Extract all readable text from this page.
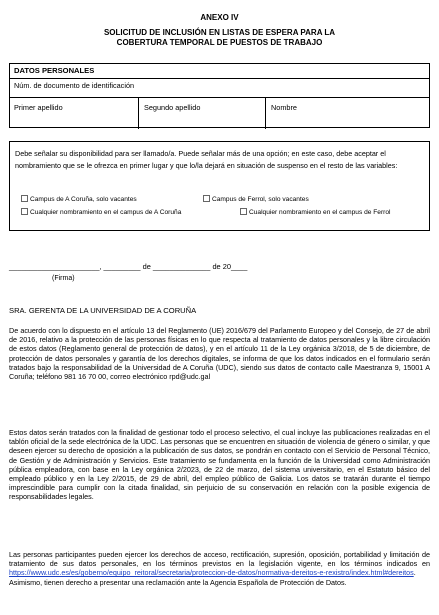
ANEXO IV
SOLICITUD DE INCLUSIÓN EN LISTAS DE ESPERA PARA LA
COBERTURA TEMPORAL DE PUESTOS DE TRABAJO
DATOS PERSONALES
Núm. de documento de identificación
Primer apellido	Segundo apellido	Nombre
Debe señalar su disponibilidad para ser llamado/a. Puede señalar más de una opción; en este caso, debe aceptar el nombramiento que se le ofrezca en primer lugar y que lo/la dejará en situación de suspenso en el resto de las variables:
Campus de A Coruña, solo vacantes	Campus de Ferrol, solo vacantes
Cualquier nombramiento en el campus de A Coruña	Cualquier nombramiento en el campus de Ferrol
______________________, _________ de ______________ de 20____
(Firma)
SRA. GERENTA DE LA UNIVERSIDAD DE A CORUÑA
De acuerdo con lo dispuesto en el artículo 13 del Reglamento (UE) 2016/679 del Parlamento Europeo y del Consejo, de 27 de abril de 2016, relativo a la protección de las personas físicas en lo que respecta al tratamiento de datos personales y la libre circulación de estos datos (Reglamento general de protección de datos), y en el artículo 11 de la Ley orgánica 3/2018, de 5 de diciembre, de protección de datos personales y garantía de los derechos digitales, se informa de que los datos indicados en el formulario serán tratados bajo la responsabilidad de la Universidad de A Coruña (UDC), siendo sus datos de contacto calle Maestranza 9, 15001 A Coruña; teléfono 981 16 70 00, correo electrónico rpd@udc.gal
Estos datos serán tratados con la finalidad de gestionar todo el proceso selectivo, el cual incluye las publicaciones realizadas en el tablón oficial de la sede electrónica de la UDC. Las personas que se encuentren en situación de violencia de género o similar, y que deseen ejercer su derecho de oposición a la publicación de sus datos, se pondrán en contacto con el Servicio de Personal Técnico, de Gestión y de Administración y Servicios. Este tratamiento se fundamenta en la función de la Universidad como Administración pública empleadora, con base en la Ley orgánica 2/2023, de 22 de marzo, del sistema universitario, en el Estatuto básico del empleado público y en la Ley 2/2015, de 29 de abril, del empleo público de Galicia. Los datos se tratarán durante el tiempo imprescindible para cumplir con la citada finalidad, sin perjuicio de su conservación en relación con la posible exigencia de responsabilidades legales.
Las personas participantes pueden ejercer los derechos de acceso, rectificación, supresión, oposición, portabilidad y limitación de tratamiento de sus datos personales, en los términos previstos en la legislación vigente, en los términos indicados en https://www.udc.es/es/goberno/equipo_reitoral/secretaria/proteccion-de-datos/normativa-dereitos-e-rexistro/index.html#dereitos. Asimismo, tienen derecho a presentar una reclamación ante la Agencia Española de Protección de Datos.
